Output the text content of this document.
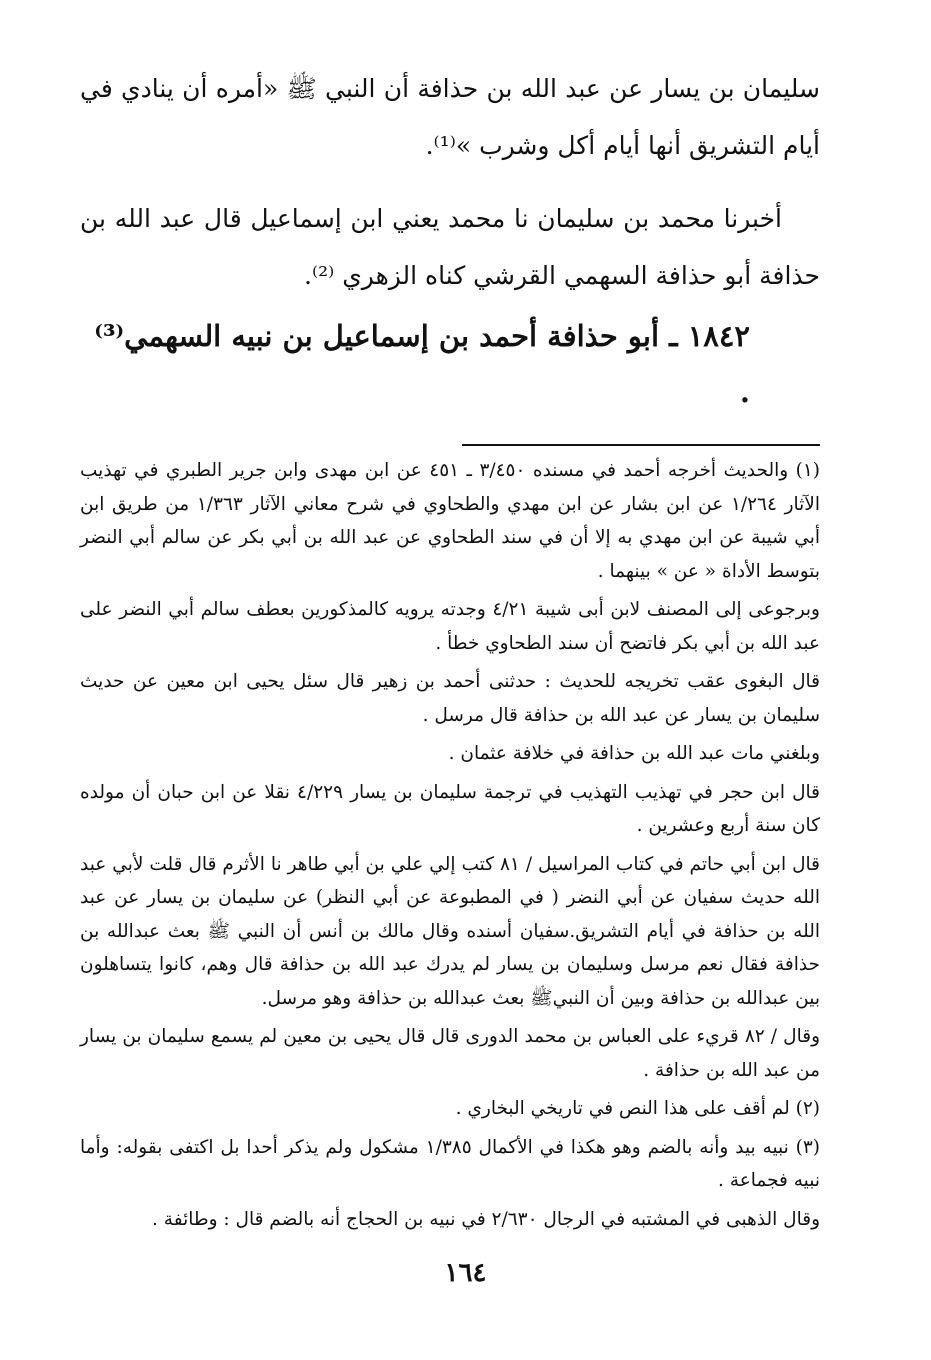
سليمان بن يسار عن عبد الله بن حذافة أن النبي ﷺ «أمره أن ينادي في أيام التشريق أنها أيام أكل وشرب »⁽¹⁾.

أخبرنا محمد بن سليمان نا محمد يعني ابن إسماعيل قال عبد الله بن حذافة أبو حذافة السهمي القرشي كناه الزهري ⁽²⁾.

١٨٤٢ ـ أبو حذافة أحمد بن إسماعيل بن نبيه السهمي⁽³⁾ .

(١) والحديث أخرجه أحمد في مسنده ٣/٤٥٠ ـ ٤٥١ عن ابن مهدى وابن جرير الطبري في تهذيب الآثار ١/٢٦٤ عن ابن بشار عن ابن مهدي والطحاوي في شرح معاني الآثار ١/٣٦٣ من طريق ابن أبي شيبة عن ابن مهدي به إلا أن في سند الطحاوي عن عبد الله بن أبي بكر عن سالم أبي النضر بتوسط الأداة « عن » بينهما .

وبرجوعى إلى المصنف لابن أبى شيبة ٤/٢١ وجدته يرويه كالمذكورين بعطف سالم أبي النضر على عبد الله بن أبي بكر فاتضح أن سند الطحاوي خطأ .

قال البغوى عقب تخريجه للحديث : حدثنى أحمد بن زهير قال سئل يحيى ابن معين عن حديث سليمان بن يسار عن عبد الله بن حذافة قال مرسل .

وبلغني مات عبد الله بن حذافة في خلافة عثمان .

قال ابن حجر في تهذيب التهذيب في ترجمة سليمان بن يسار ٤/٢٢٩ نقلا عن ابن حبان أن مولده كان سنة أربع وعشرين .

قال ابن أبي حاتم في كتاب المراسيل / ٨١ كتب إلي علي بن أبي طاهر نا الأثرم قال قلت لأبي عبد الله حديث سفيان عن أبي النضر ( في المطبوعة عن أبي النظر) عن سليمان بن يسار عن عبد الله بن حذافة في أيام التشريق.سفيان أسنده وقال مالك بن أنس أن النبي ﷺ بعث عبدالله بن حذافة فقال نعم مرسل وسليمان بن يسار لم يدرك عبد الله بن حذافة قال وهم، كانوا يتساهلون بين عبدالله بن حذافة وبين أن النبيﷺ بعث عبدالله بن حذافة وهو مرسل.

وقال / ٨٢ قريء على العباس بن محمد الدورى قال قال يحيى بن معين لم يسمع سليمان بن يسار من عبد الله بن حذافة .

(٢) لم أقف على هذا النص في تاريخي البخاري .

(٣) نبيه بيد وأنه بالضم وهو هكذا في الأكمال ١/٣٨٥ مشكول ولم يذكر أحدا بل اكتفى بقوله: وأما نبيه فجماعة .

وقال الذهبى في المشتبه في الرجال ٢/٦٣٠ في نبيه بن الحجاج أنه بالضم قال : وطائفة .

١٦٤
